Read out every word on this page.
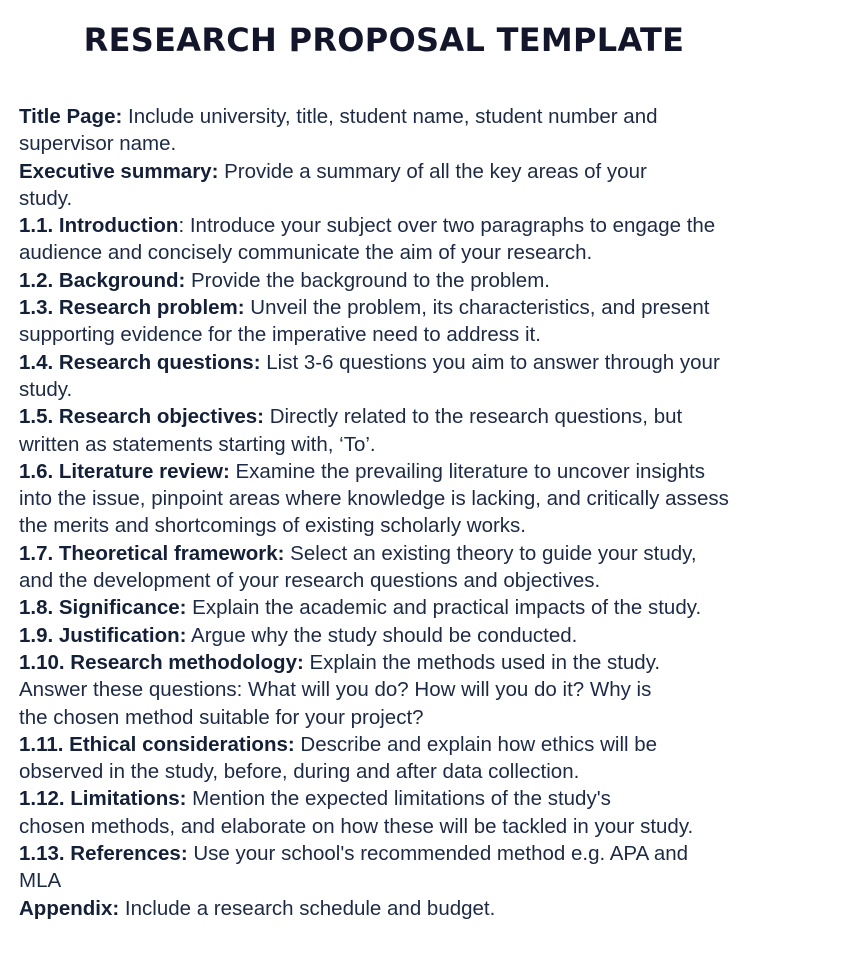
RESEARCH PROPOSAL TEMPLATE

Title Page: Include university, title, student name, student number and
supervisor name.

Executive summary: Provide a summary of all the key areas of your
study.

1.1. Introduction: Introduce your subject over two paragraphs to engage the
audience and concisely communicate the aim of your research.

1.2. Background: Provide the background to the problem.

1.3. Research problem: Unveil the problem, its characteristics, and present
supporting evidence for the imperative need to address it.

1.4. Research questions: List 3-6 questions you aim to answer through your
study.

1.5. Research objectives: Directly related to the research questions, but
written as statements starting with, ‘To’.

1.6. Literature review: Examine the prevailing literature to uncover insights
into the issue, pinpoint areas where knowledge is lacking, and critically assess
the merits and shortcomings of existing scholarly works.

1.7. Theoretical framework: Select an existing theory to guide your study,
and the development of your research questions and objectives.

1.8. Significance: Explain the academic and practical impacts of the study.

1.9. Justification: Argue why the study should be conducted.

1.10. Research methodology: Explain the methods used in the study.
Answer these questions: What will you do? How will you do it? Why is
the chosen method suitable for your project?

1.11. Ethical considerations: Describe and explain how ethics will be
observed in the study, before, during and after data collection.

1.12. Limitations: Mention the expected limitations of the study's
chosen methods, and elaborate on how these will be tackled in your study.

1.13. References: Use your school's recommended method e.g. APA and
MLA

Appendix: Include a research schedule and budget.
